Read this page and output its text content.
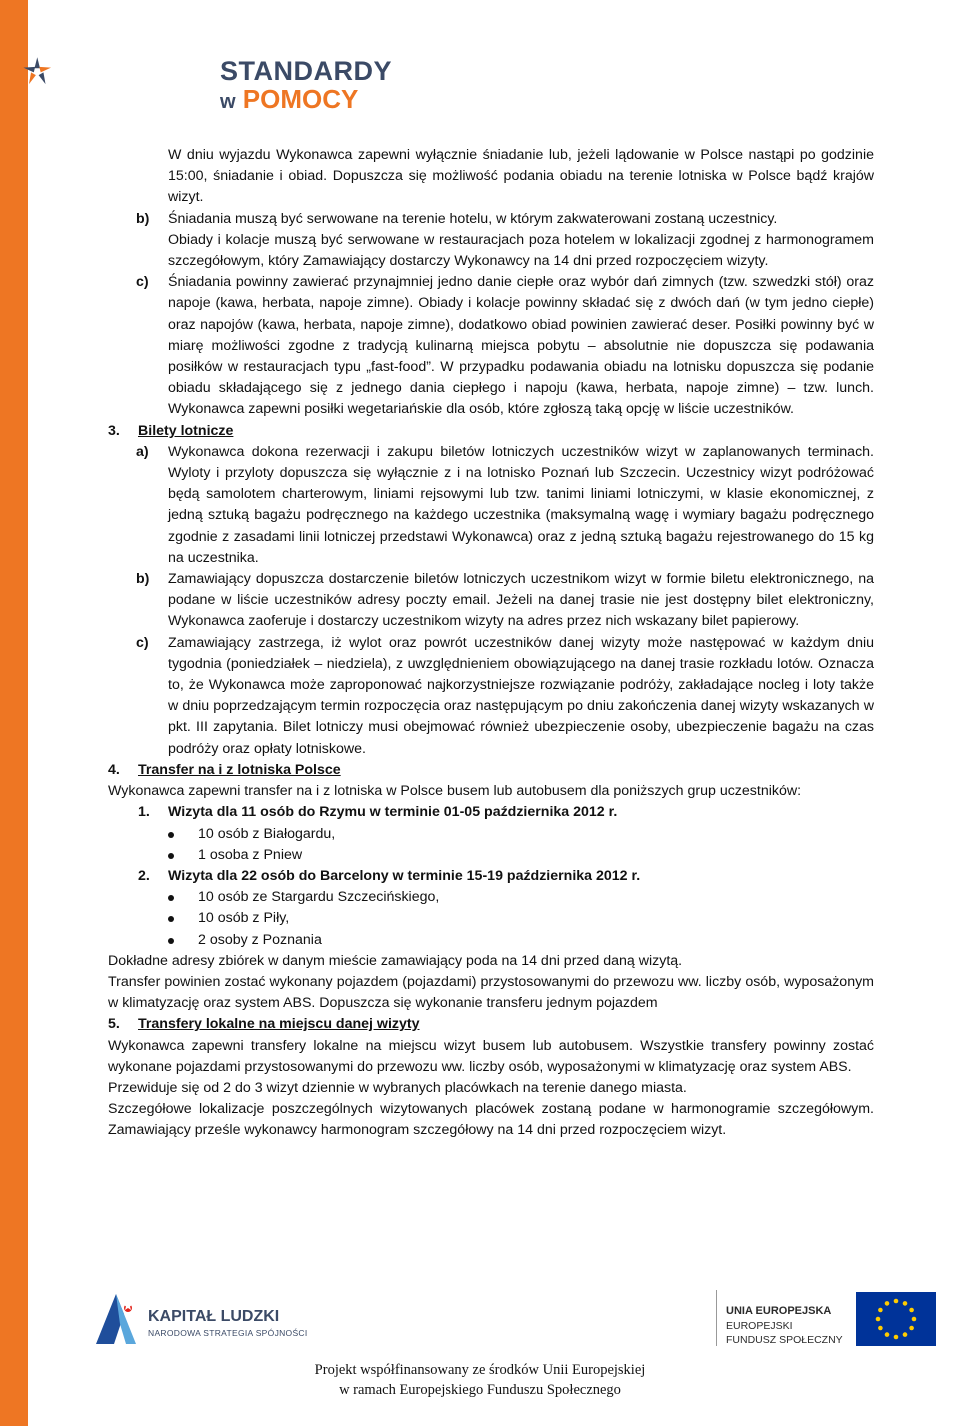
STANDARDY
w POMOCY

W dniu wyjazdu Wykonawca zapewni wyłącznie śniadanie lub, jeżeli lądowanie w Polsce nastąpi po godzinie 15:00, śniadanie i obiad. Dopuszcza się możliwość podania obiadu na terenie lotniska w Polsce bądź krajów wizyt.

b) Śniadania muszą być serwowane na terenie hotelu, w którym zakwaterowani zostaną uczestnicy.

Obiady i kolacje muszą być serwowane w restauracjach poza hotelem w lokalizacji zgodnej z harmonogramem szczegółowym, który Zamawiający dostarczy Wykonawcy na 14 dni przed rozpoczęciem wizyty.

c) Śniadania powinny zawierać przynajmniej jedno danie ciepłe oraz wybór dań zimnych (tzw. szwedzki stół) oraz napoje (kawa, herbata, napoje zimne). Obiady i kolacje powinny składać się z dwóch dań (w tym jedno ciepłe) oraz napojów (kawa, herbata, napoje zimne), dodatkowo obiad powinien zawierać deser. Posiłki powinny być w miarę możliwości zgodne z tradycją kulinarną miejsca pobytu – absolutnie nie dopuszcza się podawania posiłków w restauracjach typu „fast-food”. W przypadku podawania obiadu na lotnisku dopuszcza się podanie obiadu składającego się z jednego dania ciepłego i napoju (kawa, herbata, napoje zimne) – tzw. lunch. Wykonawca zapewni posiłki wegetariańskie dla osób, które zgłoszą taką opcję w liście uczestników.

3. Bilety lotnicze

a) Wykonawca dokona rezerwacji i zakupu biletów lotniczych uczestników wizyt w zaplanowanych terminach. Wyloty i przyloty dopuszcza się wyłącznie z i na lotnisko Poznań lub Szczecin. Uczestnicy wizyt podróżować będą samolotem charterowym, liniami rejsowymi lub tzw. tanimi liniami lotniczymi, w klasie ekonomicznej, z jedną sztuką bagażu podręcznego na każdego uczestnika (maksymalną wagę i wymiary bagażu podręcznego zgodnie z zasadami linii lotniczej przedstawi Wykonawca) oraz z jedną sztuką bagażu rejestrowanego do 15 kg na uczestnika.

b) Zamawiający dopuszcza dostarczenie biletów lotniczych uczestnikom wizyt w formie biletu elektronicznego, na podane w liście uczestników adresy poczty email. Jeżeli na danej trasie nie jest dostępny bilet elektroniczny, Wykonawca zaoferuje i dostarczy uczestnikom wizyty na adres przez nich wskazany bilet papierowy.

c) Zamawiający zastrzega, iż wylot oraz powrót uczestników danej wizyty może następować w każdym dniu tygodnia (poniedziałek – niedziela), z uwzględnieniem obowiązującego na danej trasie rozkładu lotów. Oznacza to, że Wykonawca może zaproponować najkorzystniejsze rozwiązanie podróży, zakładające nocleg i loty także w dniu poprzedzającym termin rozpoczęcia oraz następującym po dniu zakończenia danej wizyty wskazanych w pkt. III zapytania. Bilet lotniczy musi obejmować również ubezpieczenie osoby, ubezpieczenie bagażu na czas podróży oraz opłaty lotniskowe.

4. Transfer na i z lotniska Polsce

Wykonawca zapewni transfer na i z lotniska w Polsce busem lub autobusem dla poniższych grup uczestników:

1. Wizyta dla 11 osób do Rzymu w terminie 01-05 października 2012 r.

10 osób z Białogardu,

1 osoba z Pniew

2. Wizyta dla 22 osób do Barcelony w terminie 15-19 października 2012 r.

10 osób ze Stargardu Szczecińskiego,

10 osób z Piły,

2 osoby z Poznania

Dokładne adresy zbiórek w danym mieście zamawiający poda na 14 dni przed daną wizytą.

Transfer powinien zostać wykonany pojazdem (pojazdami) przystosowanymi do przewozu ww. liczby osób, wyposażonym w klimatyzację oraz system ABS. Dopuszcza się wykonanie transferu jednym pojazdem

5. Transfery lokalne na miejscu danej wizyty

Wykonawca zapewni transfery lokalne na miejscu wizyt busem lub autobusem. Wszystkie transfery powinny zostać wykonane pojazdami przystosowanymi do przewozu ww. liczby osób, wyposażonymi w klimatyzację oraz system ABS.

Przewiduje się od 2 do 3 wizyt dziennie w wybranych placówkach na terenie danego miasta.

Szczegółowe lokalizacje poszczególnych wizytowanych placówek zostaną podane w harmonogramie szczegółowym. Zamawiający prześle wykonawcy harmonogram szczegółowy na 14 dni przed rozpoczęciem wizyt.

KAPITAŁ LUDZKI
NARODOWA STRATEGIA SPÓJNOŚCI
UNIA EUROPEJSKA
EUROPEJSKI
FUNDUSZ SPOŁECZNY
Projekt współfinansowany ze środków Unii Europejskiej
w ramach Europejskiego Funduszu Społecznego
